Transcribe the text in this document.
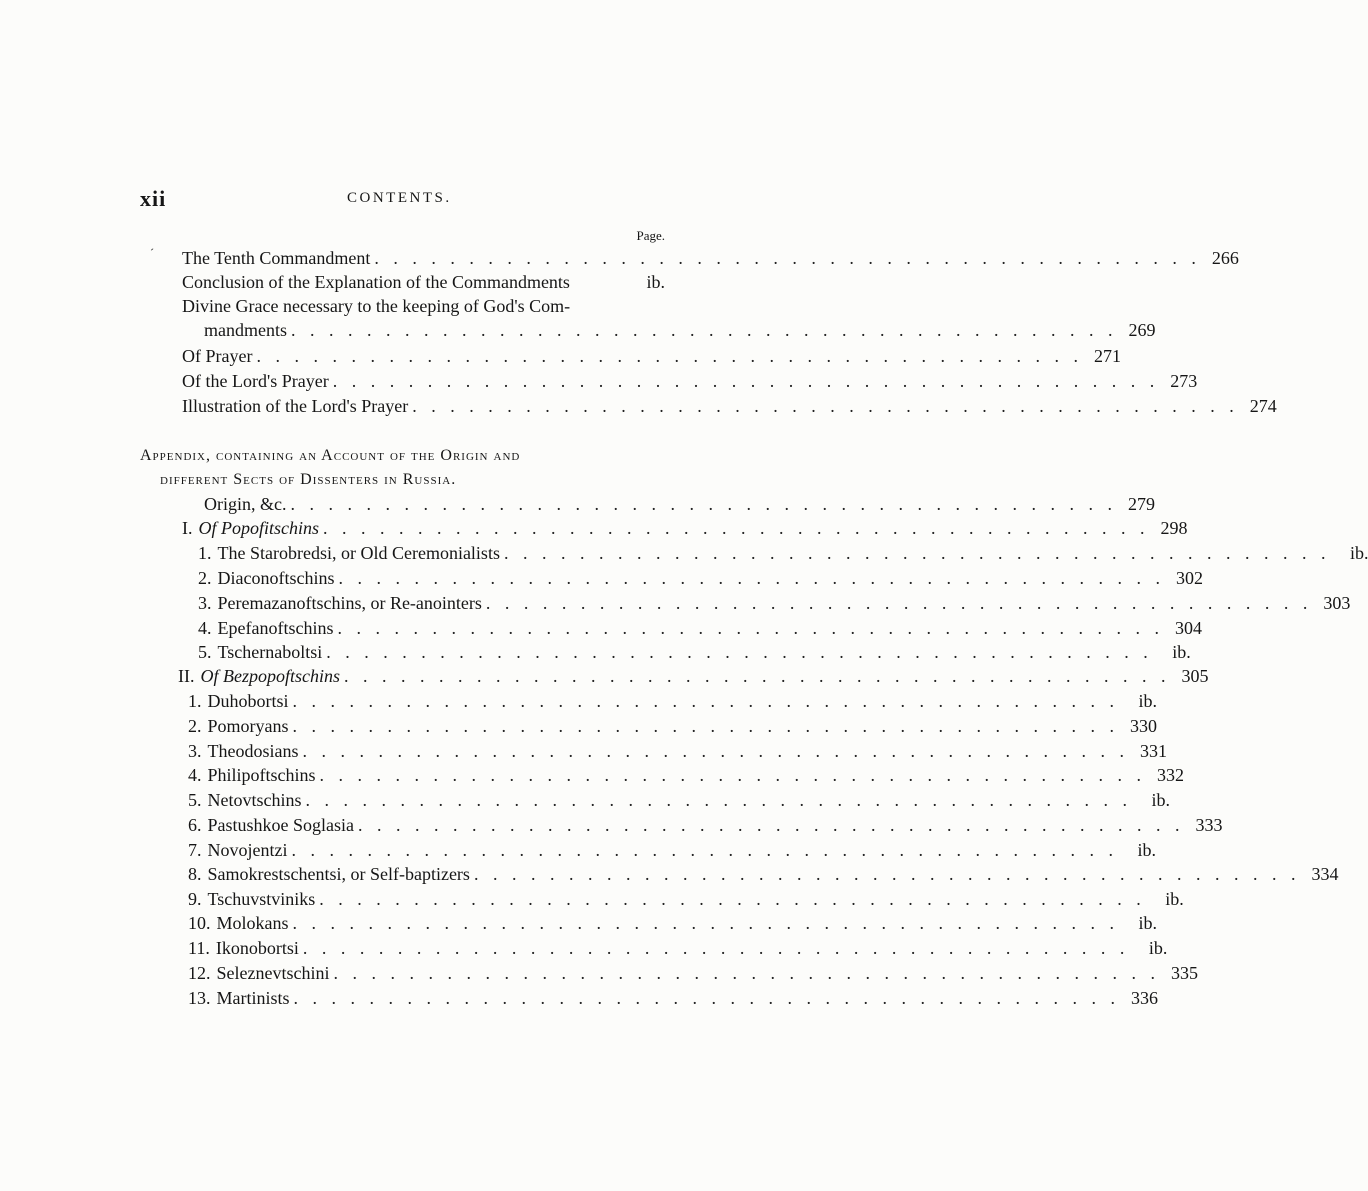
xii	CONTENTS.
Page.
´ The Tenth Commandment . . . . . . . . . . . . . . . . . . . . . . . . . . . . . . . . . . . . . . . . . . . . 266
Conclusion of the Explanation of the Commandments	ib.
Divine Grace necessary to the keeping of God's Com-
mandments . . . . . . . . . . . . . . . . . . . . . . . . . . . . . . . . . . . . . . . . . . . . 269
Of Prayer . . . . . . . . . . . . . . . . . . . . . . . . . . . . . . . . . . . . . . . . . . . . 271
Of the Lord's Prayer . . . . . . . . . . . . . . . . . . . . . . . . . . . . . . . . . . . . . . . . . . . . 273
Illustration of the Lord's Prayer . . . . . . . . . . . . . . . . . . . . . . . . . . . . . . . . . . . . . . . . . . . . 274
Appendix, containing an Account of the Origin and
different Sects of Dissenters in Russia.
Origin, &c. . . . . . . . . . . . . . . . . . . . . . . . . . . . . . . . . . . . . . . . . . . . . 279
I. Of Popofitschins . . . . . . . . . . . . . . . . . . . . . . . . . . . . . . . . . . . . . . . . . . . . 298
1. The Starobredsi, or Old Ceremonialists . . . . . . . . . . . . . . . . . . . . . . . . . . . . . . . . . . . . . . . . . . . .	ib.
2. Diaconoftschins . . . . . . . . . . . . . . . . . . . . . . . . . . . . . . . . . . . . . . . . . . . . 302
3. Peremazanoftschins, or Re-anointers . . . . . . . . . . . . . . . . . . . . . . . . . . . . . . . . . . . . . . . . . . . . 303
4. Epefanoftschins . . . . . . . . . . . . . . . . . . . . . . . . . . . . . . . . . . . . . . . . . . . . 304
5. Tschernaboltsi . . . . . . . . . . . . . . . . . . . . . . . . . . . . . . . . . . . . . . . . . . . .	ib.
II. Of Bezpopoftschins . . . . . . . . . . . . . . . . . . . . . . . . . . . . . . . . . . . . . . . . . . . . 305
1. Duhobortsi . . . . . . . . . . . . . . . . . . . . . . . . . . . . . . . . . . . . . . . . . . . .	ib.
2. Pomoryans . . . . . . . . . . . . . . . . . . . . . . . . . . . . . . . . . . . . . . . . . . . . 330
3. Theodosians . . . . . . . . . . . . . . . . . . . . . . . . . . . . . . . . . . . . . . . . . . . . 331
4. Philipoftschins . . . . . . . . . . . . . . . . . . . . . . . . . . . . . . . . . . . . . . . . . . . . 332
5. Netovtschins . . . . . . . . . . . . . . . . . . . . . . . . . . . . . . . . . . . . . . . . . . . .	ib.
6. Pastushkoe Soglasia . . . . . . . . . . . . . . . . . . . . . . . . . . . . . . . . . . . . . . . . . . . . 333
7. Novojentzi . . . . . . . . . . . . . . . . . . . . . . . . . . . . . . . . . . . . . . . . . . . .	ib.
8. Samokrestschentsi, or Self-baptizers . . . . . . . . . . . . . . . . . . . . . . . . . . . . . . . . . . . . . . . . . . . . 334
9. Tschuvstviniks . . . . . . . . . . . . . . . . . . . . . . . . . . . . . . . . . . . . . . . . . . . .	ib.
10. Molokans . . . . . . . . . . . . . . . . . . . . . . . . . . . . . . . . . . . . . . . . . . . .	ib.
11. Ikonobortsi . . . . . . . . . . . . . . . . . . . . . . . . . . . . . . . . . . . . . . . . . . . .	ib.
12. Seleznevtschini . . . . . . . . . . . . . . . . . . . . . . . . . . . . . . . . . . . . . . . . . . . . 335
13. Martinists . . . . . . . . . . . . . . . . . . . . . . . . . . . . . . . . . . . . . . . . . . . . 336
